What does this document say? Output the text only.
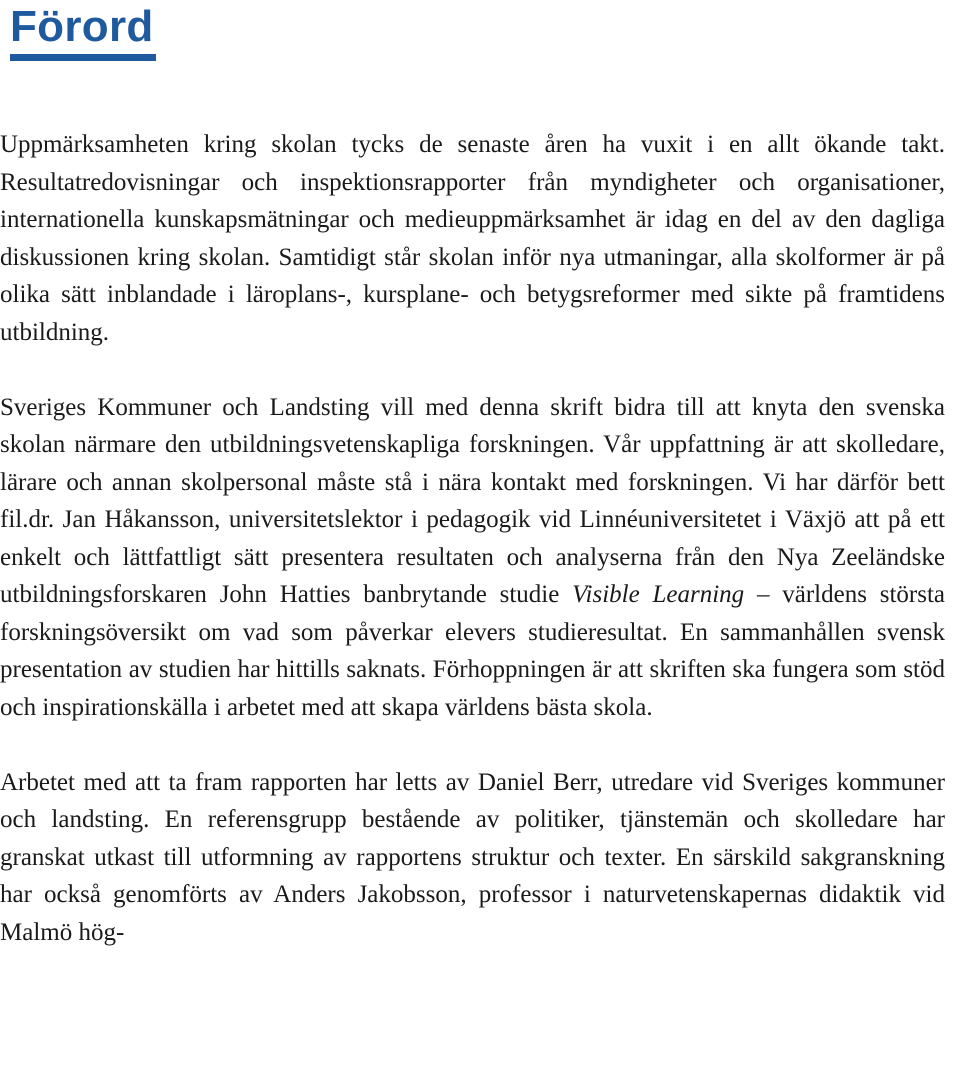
Förord

Uppmärksamheten kring skolan tycks de senaste åren ha vuxit i en allt ökande takt. Resultatredovisningar och inspektionsrapporter från myndigheter och organisationer, internationella kunskapsmätningar och medieuppmärksamhet är idag en del av den dagliga diskussionen kring skolan. Samtidigt står skolan inför nya utmaningar, alla skolformer är på olika sätt inblandade i läroplans-, kursplane- och betygsreformer med sikte på framtidens utbildning.

Sveriges Kommuner och Landsting vill med denna skrift bidra till att knyta den svenska skolan närmare den utbildningsvetenskapliga forskningen. Vår uppfattning är att skolledare, lärare och annan skolpersonal måste stå i nära kontakt med forskningen. Vi har därför bett fil.dr. Jan Håkansson, universitetslektor i pedagogik vid Linnéuniversitetet i Växjö att på ett enkelt och lättfattligt sätt presentera resultaten och analyserna från den Nya Zeeländske utbildningsforskaren John Hatties banbrytande studie Visible Learning – världens största forskningsöversikt om vad som påverkar elevers studieresultat. En sammanhållen svensk presentation av studien har hittills saknats. Förhoppningen är att skriften ska fungera som stöd och inspirationskälla i arbetet med att skapa världens bästa skola.

Arbetet med att ta fram rapporten har letts av Daniel Berr, utredare vid Sveriges kommuner och landsting. En referensgrupp bestående av politiker, tjänstemän och skolledare har granskat utkast till utformning av rapportens struktur och texter. En särskild sakgranskning har också genomförts av Anders Jakobsson, professor i naturvetenskapernas didaktik vid Malmö hög-
